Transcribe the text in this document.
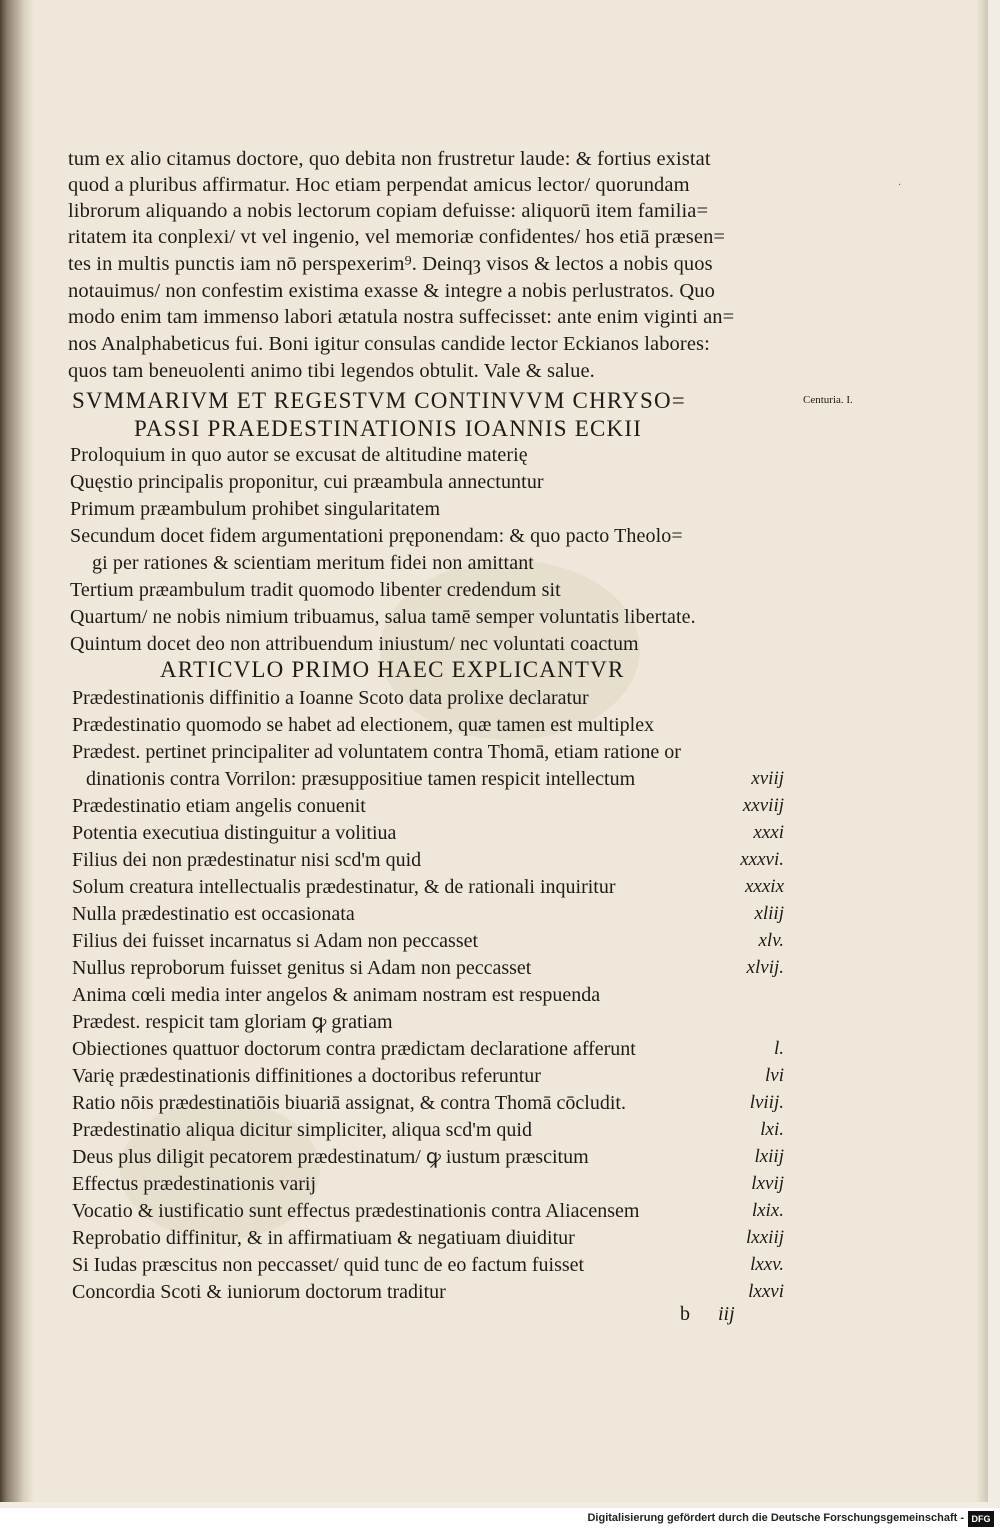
tum ex alio citamus doctore, quo debita non frustretur laude: & fortius existat
quod a pluribus affirmatur. Hoc etiam perpendat amicus lector/ quorundam
librorum aliquando a nobis lectorum copiam defuisse: aliquorū item familia=
ritatem ita conplexi/ vt vel ingenio, vel memoriæ confidentes/ hos etiā præsen=
tes in multis punctis iam nō perspexerim⁹. Deinqȝ visos & lectos a nobis quos
notauimus/ non confestim existima exasse & integre a nobis perlustratos. Quo
modo enim tam immenso labori ætatula nostra suffecisset: ante enim viginti an=
nos Analphabeticus fui. Boni igitur consulas candide lector Eckianos labores:
quos tam beneuolenti animo tibi legendos obtulit. Vale & salue.
SVMMARIVM ET REGESTVM CONTINVVM CHRYSO=
PASSI PRAEDESTINATIONIS IOANNIS ECKII
Centuria. I.
·
Proloquium in quo autor se excusat de altitudine materię
Quęstio principalis proponitur, cui præambula annectuntur
Primum præambulum prohibet singularitatem
Secundum docet fidem argumentationi pręponendam: & quo pacto Theolo=
gi per rationes & scientiam meritum fidei non amittant
Tertium præambulum tradit quomodo libenter credendum sit
Quartum/ ne nobis nimium tribuamus, salua tamē semper voluntatis libertate.
Quintum docet deo non attribuendum iniustum/ nec voluntati coactum
ARTICVLO PRIMO HAEC EXPLICANTVR
Prædestinationis diffinitio a Ioanne Scoto data prolixe declaratur
Prædestinatio quomodo se habet ad electionem, quæ tamen est multiplex
Prædest. pertinet principaliter ad voluntatem contra Thomā, etiam ratione or
dinationis contra Vorrilon: præsuppositiue tamen respicit intellectum	xviij
Prædestinatio etiam angelis conuenit	xxviij
Potentia executiua distinguitur a volitiua	xxxi
Filius dei non prædestinatur nisi scd'm quid	xxxvi.
Solum creatura intellectualis prædestinatur, & de rationali inquiritur	xxxix
Nulla prædestinatio est occasionata	xliij
Filius dei fuisset incarnatus si Adam non peccasset	xlv.
Nullus reproborum fuisset genitus si Adam non peccasset	xlvij.
Anima cœli media inter angelos & animam nostram est respuenda
Prædest. respicit tam gloriam ꝙ gratiam
Obiectiones quattuor doctorum contra prædictam declaratione afferunt	l.
Varię prædestinationis diffinitiones a doctoribus referuntur	lvi
Ratio nōis prædestinatiōis biuariā assignat, & contra Thomā cōcludit.	lviij.
Prædestinatio aliqua dicitur simpliciter, aliqua scd'm quid	lxi.
Deus plus diligit pecatorem prædestinatum/ ꝙ iustum præscitum	lxiij
Effectus prædestinationis varij	lxvij
Vocatio & iustificatio sunt effectus prædestinationis contra Aliacensem	lxix.
Reprobatio diffinitur, & in affirmatiuam & negatiuam diuiditur	lxxiij
Si Iudas præscitus non peccasset/ quid tunc de eo factum fuisset	lxxv.
Concordia Scoti & iuniorum doctorum traditur	lxxvi
b iij
Digitalisierung gefördert durch die Deutsche Forschungsgemeinschaft - DFG
